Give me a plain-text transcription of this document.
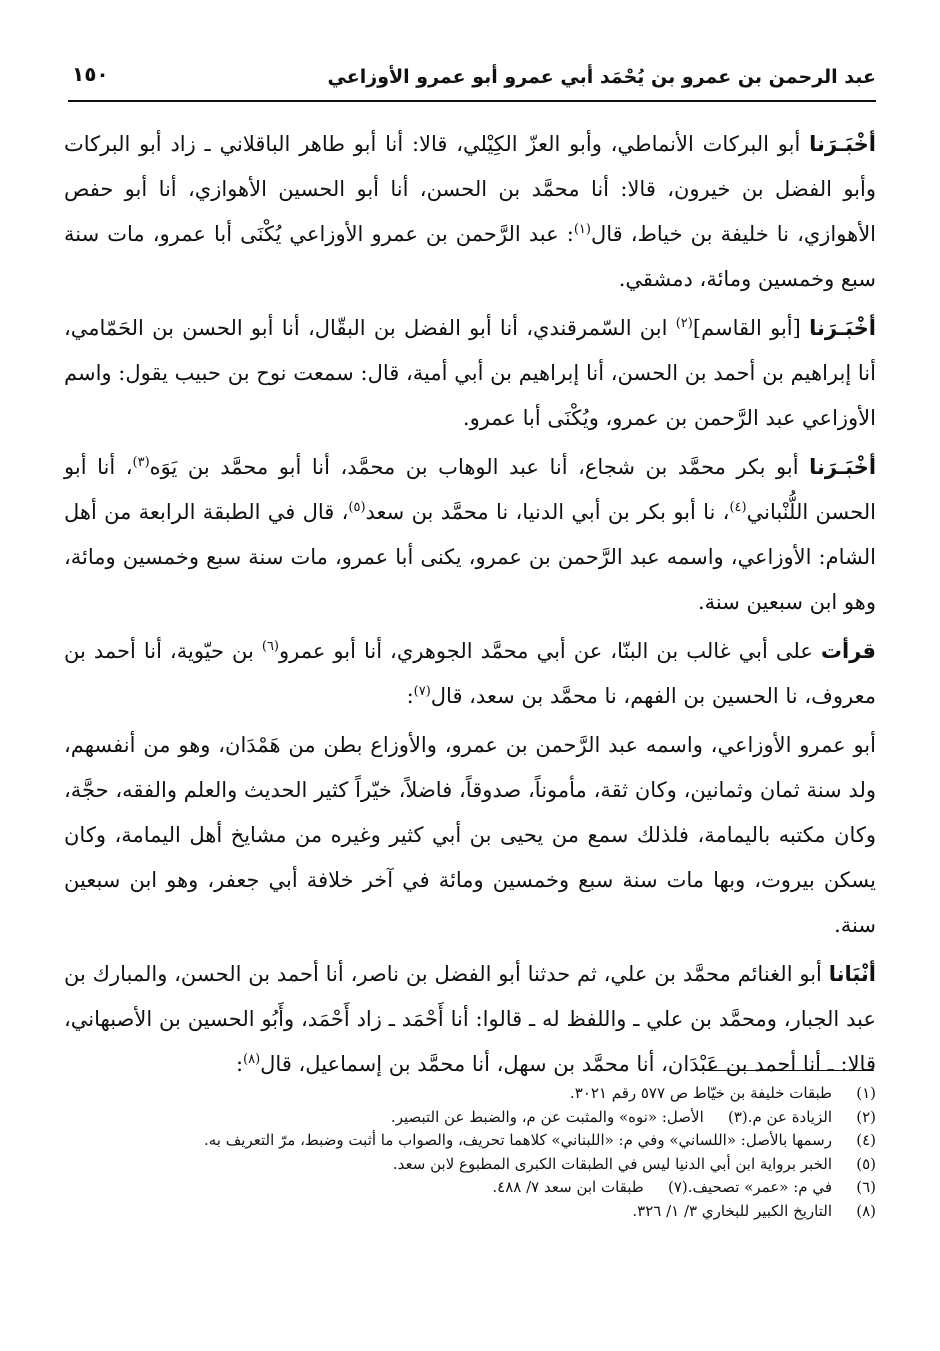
عبد الرحمن بن عمرو بن يُحْمَد أبي عمرو أبو عمرو الأوزاعي
١٥٠

أخْبَـرَنا أبو البركات الأنماطي، وأبو العزّ الكِيْلي، قالا: أنا أبو طاهر الباقلاني ـ زاد أبو البركات وأبو الفضل بن خيرون، قالا: أنا محمَّد بن الحسن، أنا أبو الحسين الأهوازي، أنا أبو حفص الأهوازي، نا خليفة بن خياط، قال$^{(١)}$: عبد الرَّحمن بن عمرو الأوزاعي يُكْنَى أبا عمرو، مات سنة سبع وخمسين ومائة، دمشقي.

أخْبَـرَنا [أبو القاسم]$^{(٢)}$ ابن السّمرقندي، أنا أبو الفضل بن البقّال، أنا أبو الحسن بن الحَمّامي، أنا إبراهيم بن أحمد بن الحسن، أنا إبراهيم بن أبي أمية، قال: سمعت نوح بن حبيب يقول: واسم الأوزاعي عبد الرَّحمن بن عمرو، ويُكْنَى أبا عمرو.

أخْبَـرَنا أبو بكر محمَّد بن شجاع، أنا عبد الوهاب بن محمَّد، أنا أبو محمَّد بن يَوَه$^{(٣)}$، أنا أبو الحسن اللُّنْباني$^{(٤)}$، نا أبو بكر بن أبي الدنيا، نا محمَّد بن سعد$^{(٥)}$، قال في الطبقة الرابعة من أهل الشام: الأوزاعي، واسمه عبد الرَّحمن بن عمرو، يكنى أبا عمرو، مات سنة سبع وخمسين ومائة، وهو ابن سبعين سنة.

قرأت على أبي غالب بن البنّا، عن أبي محمَّد الجوهري، أنا أبو عمرو$^{(٦)}$ بن حيّوية، أنا أحمد بن معروف، نا الحسين بن الفهم، نا محمَّد بن سعد، قال$^{(٧)}$:

أبو عمرو الأوزاعي، واسمه عبد الرَّحمن بن عمرو، والأوزاع بطن من هَمْدَان، وهو من أنفسهم، ولد سنة ثمان وثمانين، وكان ثقة، مأموناً، صدوقاً، فاضلاً، خيّراً كثير الحديث والعلم والفقه، حجَّة، وكان مكتبه باليمامة، فلذلك سمع من يحيى بن أبي كثير وغيره من مشايخ أهل اليمامة، وكان يسكن بيروت، وبها مات سنة سبع وخمسين ومائة في آخر خلافة أبي جعفر، وهو ابن سبعين سنة.

أنْبَانا أبو الغنائم محمَّد بن علي، ثم حدثنا أبو الفضل بن ناصر، أنا أحمد بن الحسن، والمبارك بن عبد الجبار، ومحمَّد بن علي ـ واللفظ له ـ قالوا: أنا أَحْمَد ـ زاد أَحْمَد، وأَبُو الحسين بن الأصبهاني، قالا: ـ أنا أحمد بن عَبْدَان، أنا محمَّد بن سهل، أنا محمَّد بن إسماعيل، قال$^{(٨)}$:

(١)
طبقات خليفة بن خيّاط ص ٥٧٧ رقم ٣٠٢١.
(٢)
الزيادة عن م.
(٣)
الأصل: «نوه» والمثبت عن م، والضبط عن التبصير.
(٤)
رسمها بالأصل: «اللساني» وفي م: «اللبناني» كلاهما تحريف، والصواب ما أثبت وضبط، مرّ التعريف به.
(٥)
الخبر برواية ابن أبي الدنيا ليس في الطبقات الكبرى المطبوع لابن سعد.
(٦)
في م: «عمر» تصحيف.
(٧)
طبقات ابن سعد ٧/ ٤٨٨.
(٨)
التاريخ الكبير للبخاري ٣/ ١/ ٣٢٦.
